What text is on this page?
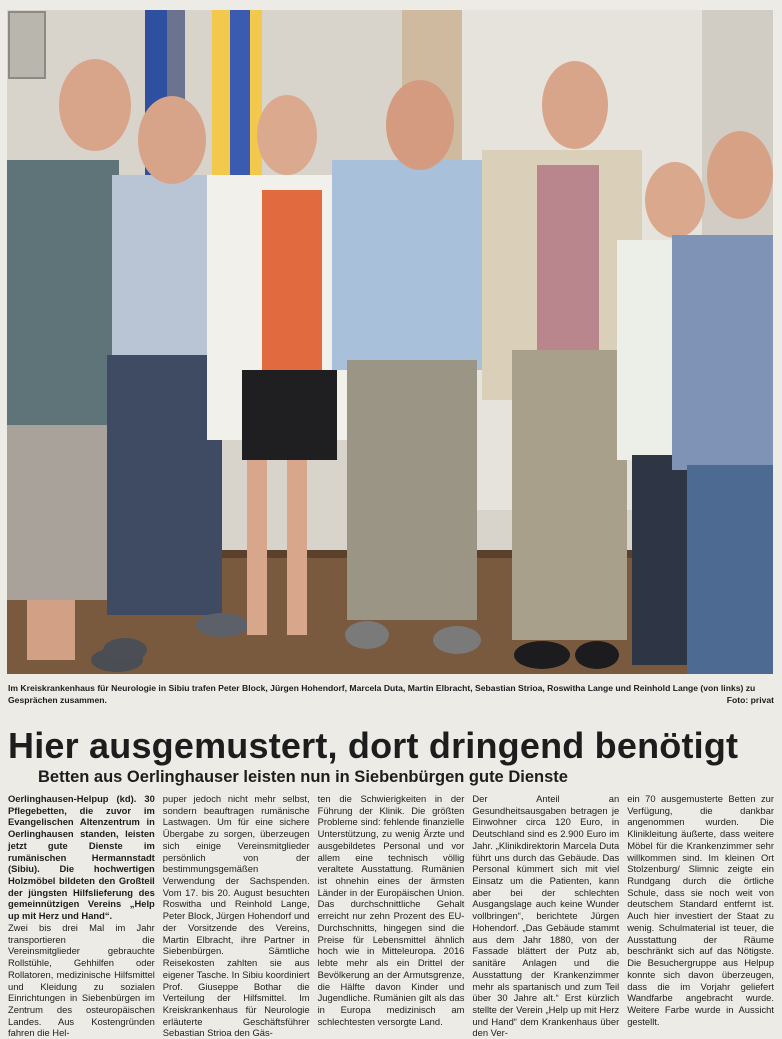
Im Kreiskrankenhaus für Neurologie in Sibiu trafen Peter Block, Jürgen Hohendorf, Marcela Duta, Martin Elbracht, Sebastian Strioa, Roswitha Lange und Reinhold Lange (von links) zu Gesprächen zusammen.	Foto: privat
Hier ausgemustert, dort dringend benötigt
Betten aus Oerlinghauser leisten nun in Siebenbürgen gute Dienste

Oerlinghausen-Helpup (kd). 30 Pflegebetten, die zuvor im Evangelischen Altenzentrum in Oerlinghausen standen, leisten jetzt gute Dienste im rumänischen Hermannstadt (Sibiu). Die hochwertigen Holzmöbel bildeten den Großteil der jüngsten Hilfslieferung des gemeinnützigen Vereins „Help up mit Herz und Hand“.

Zwei bis drei Mal im Jahr transportieren die Vereinsmitglieder gebrauchte Rollstühle, Gehhilfen oder Rollatoren, medizinische Hilfsmittel und Kleidung zu sozialen Einrichtungen in Siebenbürgen im Zentrum des osteuropäischen Landes. Aus Kostengründen fahren die Hel-

puper jedoch nicht mehr selbst, sondern beauftragen rumänische Lastwagen. Um für eine sichere Übergabe zu sorgen, überzeugen sich einige Vereinsmitglieder persönlich von der bestimmungsgemäßen Verwendung der Sachspenden. Vom 17. bis 20. August besuchten Roswitha und Reinhold Lange, Peter Block, Jürgen Hohendorf und der Vorsitzende des Vereins, Martin Elbracht, ihre Partner in Siebenbürgen. Sämtliche Reisekosten zahlten sie aus eigener Tasche. In Sibiu koordiniert Prof. Giuseppe Bothar die Verteilung der Hilfsmittel. Im Kreiskrankenhaus für Neurologie erläuterte Geschäftsführer Sebastian Strioa den Gäs-

ten die Schwierigkeiten in der Führung der Klinik. Die größten Probleme sind: fehlende finanzielle Unterstützung, zu wenig Ärzte und ausgebildetes Personal und vor allem eine technisch völlig veraltete Ausstattung. Rumänien ist ohnehin eines der ärmsten Länder in der Europäischen Union. Das durchschnittliche Gehalt erreicht nur zehn Prozent des EU-Durchschnitts, hingegen sind die Preise für Lebensmittel ähnlich hoch wie in Mitteleuropa. 2016 lebte mehr als ein Drittel der Bevölkerung an der Armutsgrenze, die Hälfte davon Kinder und Jugendliche. Rumänien gilt als das in Europa medizinisch am schlechtesten versorgte Land.

Der Anteil an Gesundheitsausgaben betragen je Einwohner circa 120 Euro, in Deutschland sind es 2.900 Euro im Jahr. „Klinikdirektorin Marcela Duta führt uns durch das Gebäude. Das Personal kümmert sich mit viel Einsatz um die Patienten, kann aber bei der schlechten Ausgangslage auch keine Wunder vollbringen“, berichtete Jürgen Hohendorf. „Das Gebäude stammt aus dem Jahr 1880, von der Fassade blättert der Putz ab, sanitäre Anlagen und die Ausstattung der Krankenzimmer mehr als spartanisch und zum Teil über 30 Jahre alt.“ Erst kürzlich stellte der Verein „Help up mit Herz und Hand“ dem Krankenhaus über den Ver-

ein 70 ausgemusterte Betten zur Verfügung, die dankbar angenommen wurden. Die Klinikleitung äußerte, dass weitere Möbel für die Krankenzimmer sehr willkommen sind. Im kleinen Ort Stolzenburg/ Slimnic zeigte ein Rundgang durch die örtliche Schule, dass sie noch weit von deutschem Standard entfernt ist. Auch hier investiert der Staat zu wenig. Schulmaterial ist teuer, die Ausstattung der Räume beschränkt sich auf das Nötigste. Die Besuchergruppe aus Helpup konnte sich davon überzeugen, dass die im Vorjahr geliefert Wandfarbe angebracht wurde. Weitere Farbe wurde in Aussicht gestellt.
